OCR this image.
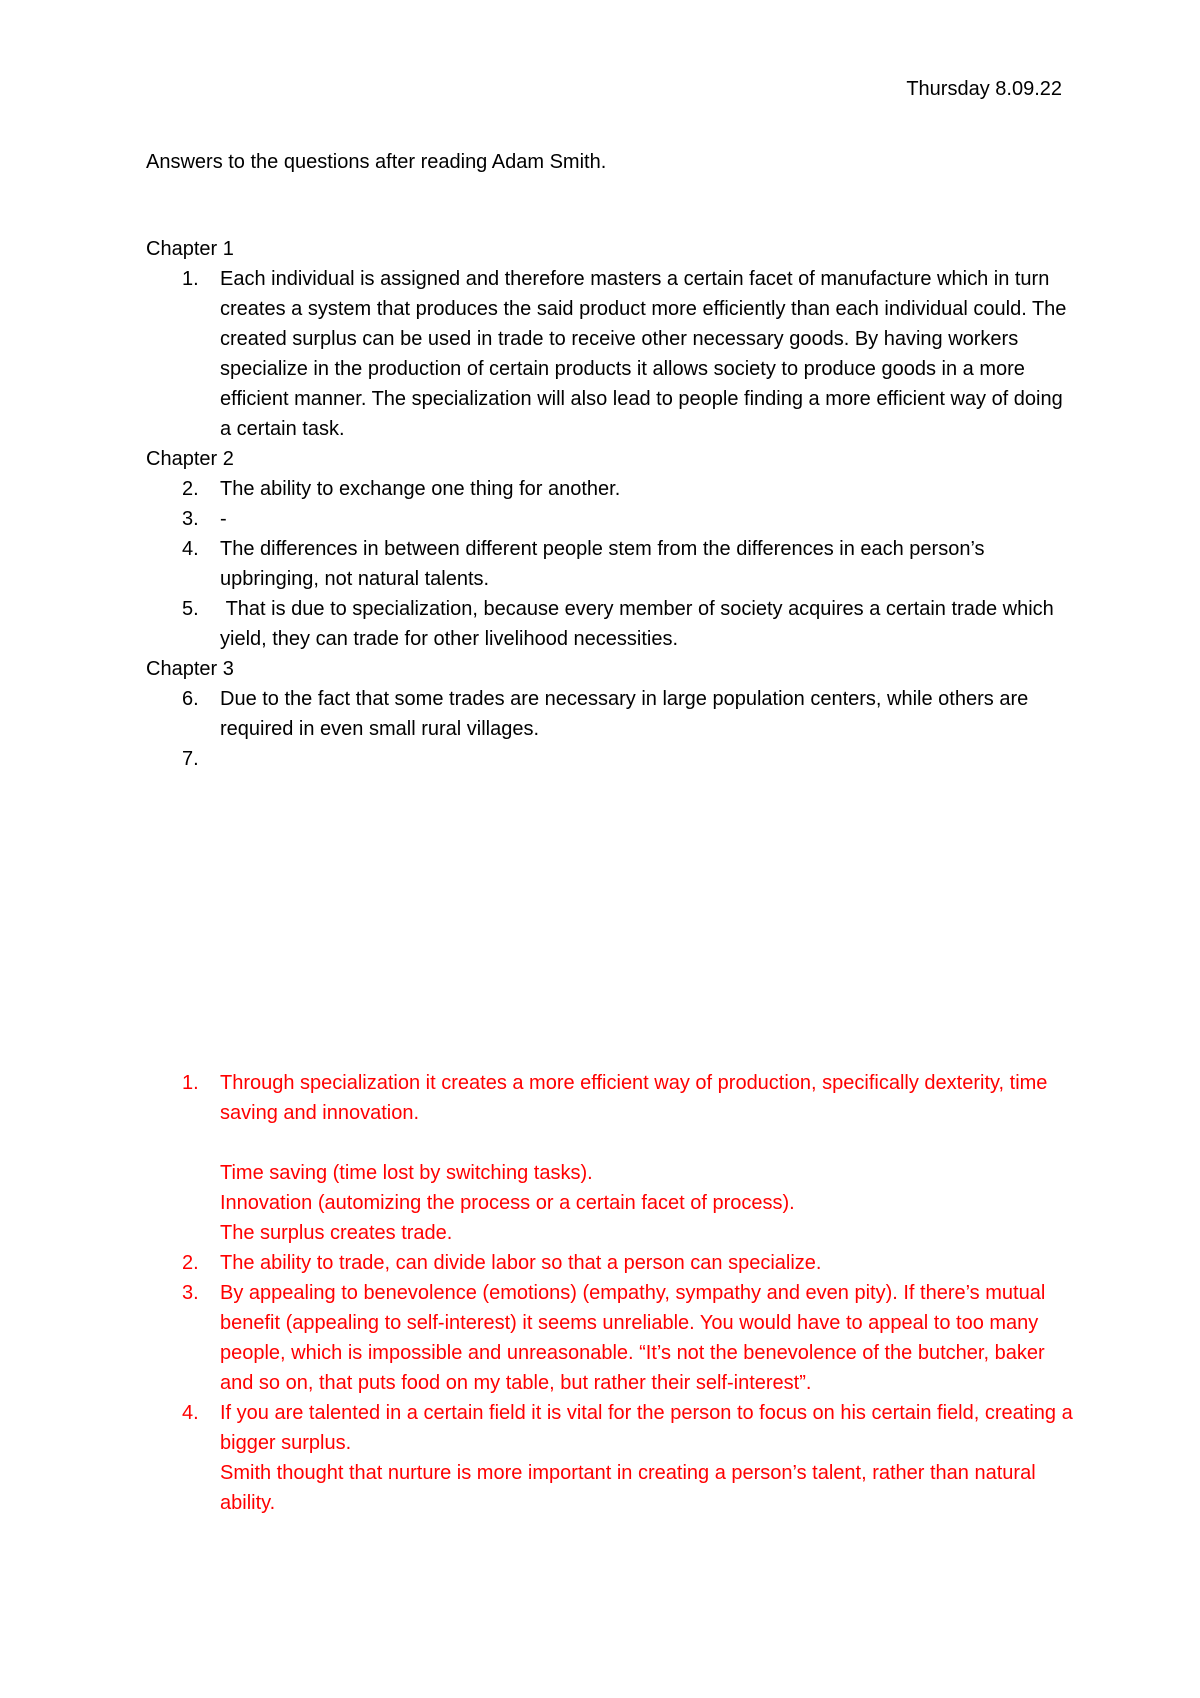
Thursday 8.09.22

Answers to the questions after reading Adam Smith.

Chapter 1

1. Each individual is assigned and therefore masters a certain facet of manufacture which in turn creates a system that produces the said product more efficiently than each individual could. The created surplus can be used in trade to receive other necessary goods. By having workers specialize in the production of certain products it allows society to produce goods in a more efficient manner. The specialization will also lead to people finding a more efficient way of doing a certain task.

Chapter 2

2. The ability to exchange one thing for another.
3. -
4. The differences in between different people stem from the differences in each person’s upbringing, not natural talents.
5. That is due to specialization, because every member of society acquires a certain trade which yield, they can trade for other livelihood necessities.

Chapter 3

6. Due to the fact that some trades are necessary in large population centers, while others are required in even small rural villages.
7.
1. Through specialization it creates a more efficient way of production, specifically dexterity, time saving and innovation.
Time saving (time lost by switching tasks).
Innovation (automizing the process or a certain facet of process).
The surplus creates trade.
2. The ability to trade, can divide labor so that a person can specialize.
3. By appealing to benevolence (emotions) (empathy, sympathy and even pity). If there’s mutual benefit (appealing to self-interest) it seems unreliable. You would have to appeal to too many people, which is impossible and unreasonable. “It’s not the benevolence of the butcher, baker and so on, that puts food on my table, but rather their self-interest”.
4. If you are talented in a certain field it is vital for the person to focus on his certain field, creating a bigger surplus.
Smith thought that nurture is more important in creating a person’s talent, rather than natural ability.
